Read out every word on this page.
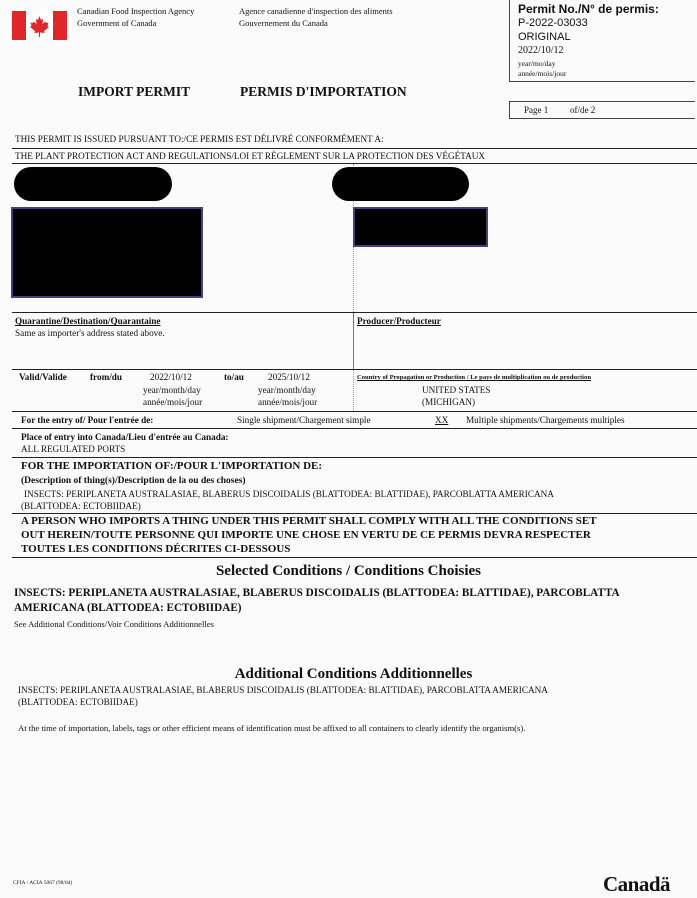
Canadian Food Inspection Agency
Government of Canada
Agence canadienne d'inspection des aliments
Gouvernement du Canada
Permit No./N° de permis:
P-2022-03033
ORIGINAL
2022/10/12
year/mo/day
année/mois/jour
IMPORT PERMIT	PERMIS D'IMPORTATION
Page 1 of/de 2
THIS PERMIT IS ISSUED PURSUANT TO:/CE PERMIS EST DÉLIVRÉ CONFORMÉMENT A:
THE PLANT PROTECTION ACT AND REGULATIONS/LOI ET RÈGLEMENT SUR LA PROTECTION DES VÉGÉTAUX
Quarantine/Destination/Quarantaine
Same as importer's address stated above.
Producer/Producteur
Valid/Valide	from/du	2022/10/12
year/month/day
année/mois/jour
to/au	2025/10/12
year/month/day
année/mois/jour
Country of Propagation or Production / Le pays de multiplication ou de production
UNITED STATES
(MICHIGAN)
For the entry of/ Pour l'entrée de:	Single shipment/Chargement simple	XX Multiple shipments/Chargements multiples
Place of entry into Canada/Lieu d'entrée au Canada:
ALL REGULATED PORTS
FOR THE IMPORTATION OF:/POUR L'IMPORTATION DE:
(Description of thing(s)/Description de la ou des choses)
INSECTS: PERIPLANETA AUSTRALASIAE, BLABERUS DISCOIDALIS (BLATTODEA: BLATTIDAE), PARCOBLATTA AMERICANA
(BLATTODEA: ECTOBIIDAE)
A PERSON WHO IMPORTS A THING UNDER THIS PERMIT SHALL COMPLY WITH ALL THE CONDITIONS SET
OUT HEREIN/TOUTE PERSONNE QUI IMPORTE UNE CHOSE EN VERTU DE CE PERMIS DEVRA RESPECTER
TOUTES LES CONDITIONS DÉCRITES CI-DESSOUS
Selected Conditions / Conditions Choisies
INSECTS: PERIPLANETA AUSTRALASIAE, BLABERUS DISCOIDALIS (BLATTODEA: BLATTIDAE), PARCOBLATTA
AMERICANA (BLATTODEA: ECTOBIIDAE)
See Additional Conditions/Voir Conditions Additionnelles
Additional Conditions Additionnelles
INSECTS: PERIPLANETA AUSTRALASIAE, BLABERUS DISCOIDALIS (BLATTODEA: BLATTIDAE), PARCOBLATTA AMERICANA
(BLATTODEA: ECTOBIIDAE)
At the time of importation, labels, tags or other efficient means of identification must be affixed to all containers to clearly identify the organism(s).
CFIA / ACIA 5067 (98/04)	Canadä
